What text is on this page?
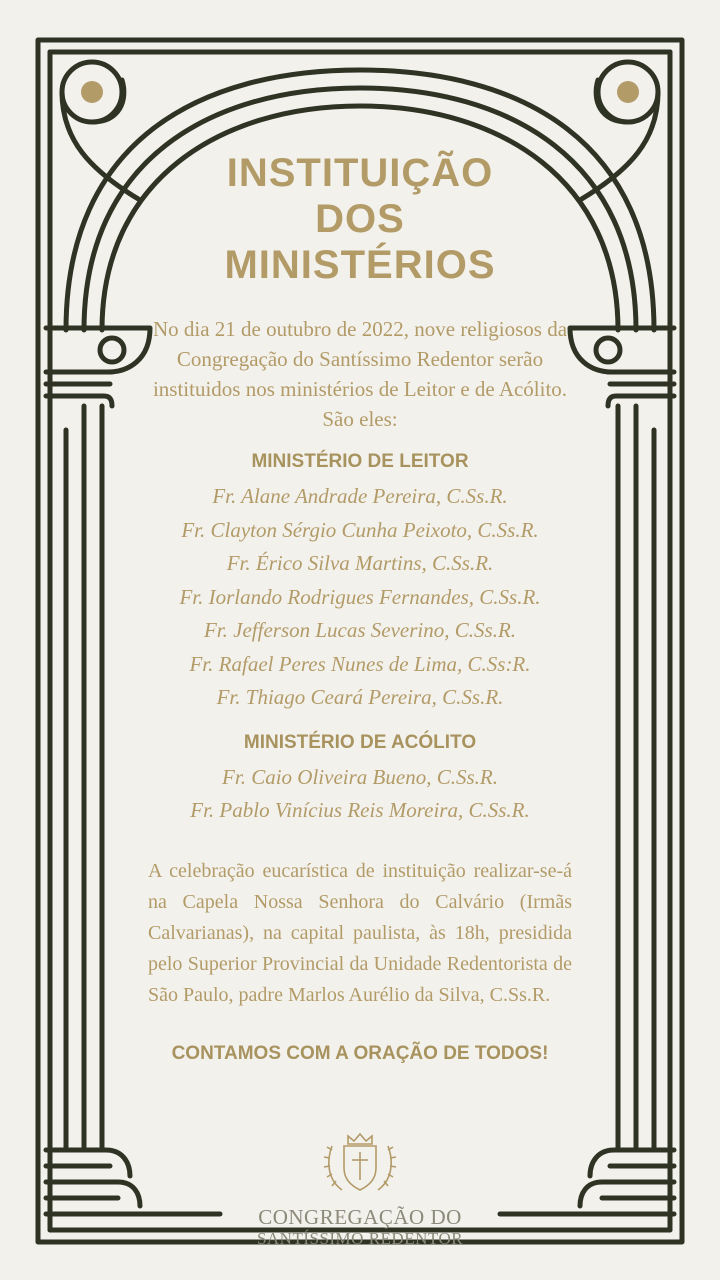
INSTITUIÇÃO
DOS
MINISTÉRIOS
No dia 21 de outubro de 2022, nove religiosos da Congregação do Santíssimo Redentor serão instituidos nos ministérios de Leitor e de Acólito. São eles:
MINISTÉRIO DE LEITOR
Fr. Alane Andrade Pereira, C.Ss.R.
Fr. Clayton Sérgio Cunha Peixoto, C.Ss.R.
Fr. Érico Silva Martins, C.Ss.R.
Fr. Iorlando Rodrigues Fernandes, C.Ss.R.
Fr. Jefferson Lucas Severino, C.Ss.R.
Fr. Rafael Peres Nunes de Lima, C.Ss:R.
Fr. Thiago Ceará Pereira, C.Ss.R.
MINISTÉRIO DE ACÓLITO
Fr. Caio Oliveira Bueno, C.Ss.R.
Fr. Pablo Vinícius Reis Moreira, C.Ss.R.
A celebração eucarística de instituição realizar-se-á na Capela Nossa Senhora do Calvário (Irmãs Calvarianas), na capital paulista, às 18h, presidida pelo Superior Provincial da Unidade Redentorista de São Paulo, padre Marlos Aurélio da Silva, C.Ss.R.
CONTAMOS COM A ORAÇÃO DE TODOS!
CONGREGAÇÃO DO
SANTÍSSIMO REDENTOR
